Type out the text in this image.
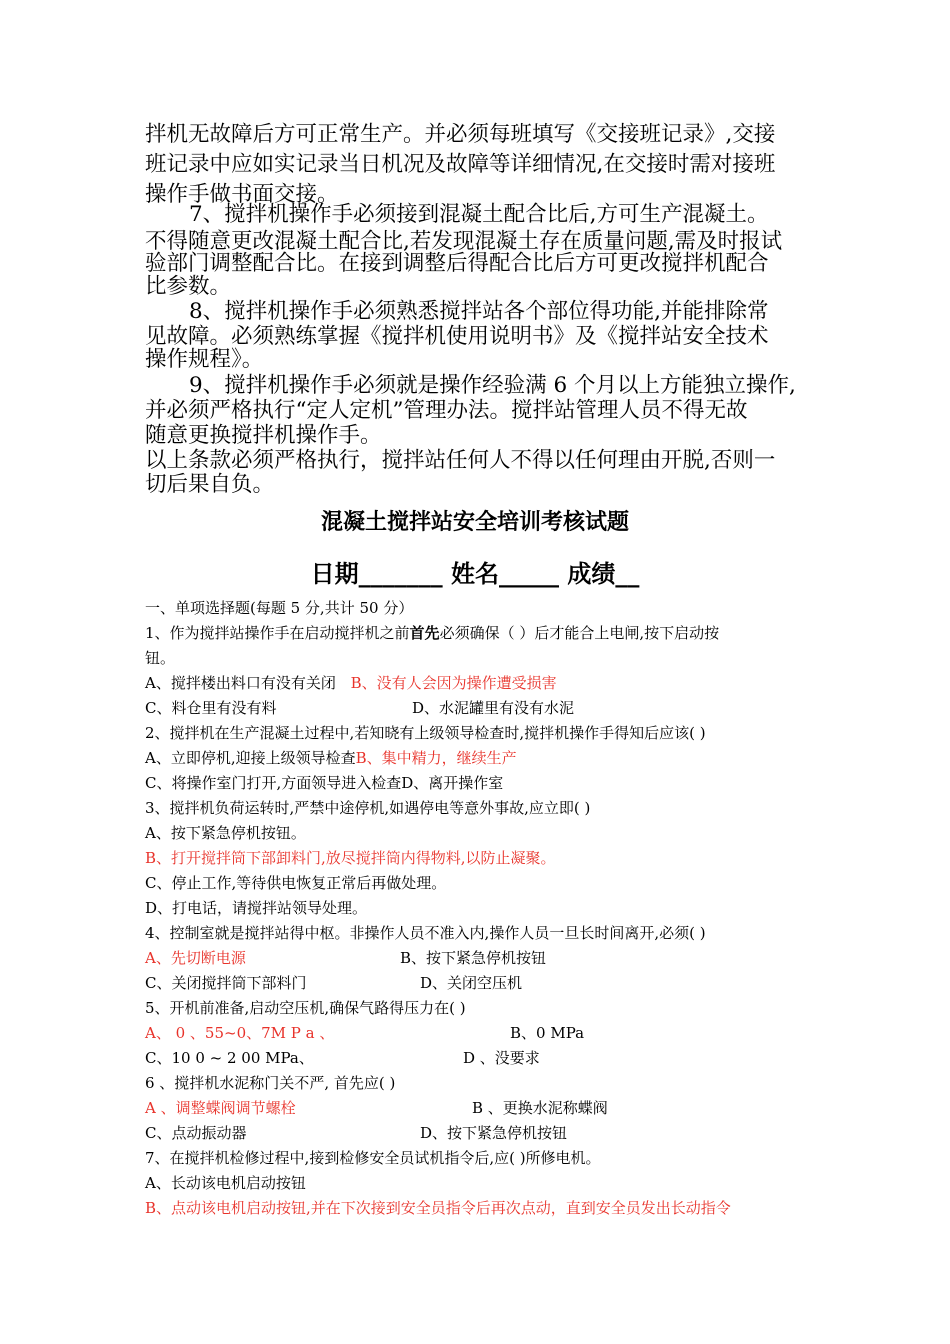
拌机无故障后方可正常生产。并必须每班填写《交接班记录》,交接
班记录中应如实记录当日机况及故障等详细情况,在交接时需对接班
操作手做书面交接。
7、搅拌机操作手必须接到混凝土配合比后,方可生产混凝土。
不得随意更改混凝土配合比,若发现混凝土存在质量问题,需及时报试
验部门调整配合比。在接到调整后得配合比后方可更改搅拌机配合
比参数。
8、搅拌机操作手必须熟悉搅拌站各个部位得功能,并能排除常
见故障。必须熟练掌握《搅拌机使用说明书》及《搅拌站安全技术
操作规程》。
9、搅拌机操作手必须就是操作经验满 6 个月以上方能独立操作,
并必须严格执行“定人定机”管理办法。搅拌站管理人员不得无故
随意更换搅拌机操作手。
以上条款必须严格执行，搅拌站任何人不得以任何理由开脱,否则一
切后果自负。
混凝土搅拌站安全培训考核试题
日期_______ 姓名_____ 成绩__
一、单项选择题(每题 5 分,共计 50 分）
1、作为搅拌站操作手在启动搅拌机之前首先必须确保（ ）后才能合上电闸,按下启动按
钮。
A、搅拌楼出料口有没有关闭 B、没有人会因为操作遭受损害
C、料仓里有没有料	D、水泥罐里有没有水泥
2、搅拌机在生产混凝土过程中,若知晓有上级领导检查时,搅拌机操作手得知后应该( )
A、立即停机,迎接上级领导检查B、集中精力，继续生产
C、将操作室门打开,方面领导进入检查D、离开操作室
3、搅拌机负荷运转时,严禁中途停机,如遇停电等意外事故,应立即( )
A、按下紧急停机按钮。
B、打开搅拌筒下部卸料门,放尽搅拌筒内得物料,以防止凝聚。
C、停止工作,等待供电恢复正常后再做处理。
D、打电话，请搅拌站领导处理。
4、控制室就是搅拌站得中枢。非操作人员不准入内,操作人员一旦长时间离开,必须( )
A、先切断电源	B、按下紧急停机按钮
C、关闭搅拌筒下部料门	D、关闭空压机
5、开机前准备,启动空压机,确保气路得压力在( )
A、 0 、55~0、7M P a 、	B、0 MPa
C、10 0 ~ 2 00 MPa、	D 、没要求
6 、搅拌机水泥称门关不严, 首先应( )
A 、调整蝶阀调节螺栓	B 、更换水泥称蝶阀
C、点动振动器	D、按下紧急停机按钮
7、在搅拌机检修过程中,接到检修安全员试机指令后,应( )所修电机。
A、长动该电机启动按钮
B、点动该电机启动按钮,并在下次接到安全员指令后再次点动，直到安全员发出长动指令
